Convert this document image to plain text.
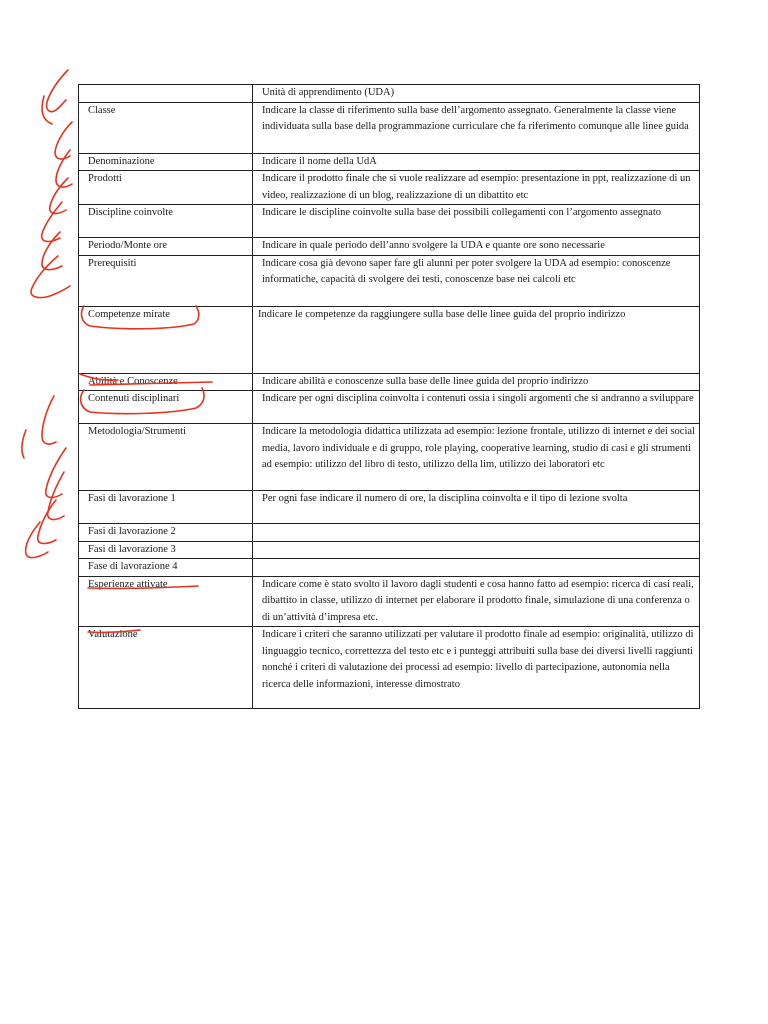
	Unità di apprendimento (UDA)
Classe	Indicare la classe di riferimento sulla base dell’argomento assegnato. Generalmente la classe viene individuata sulla base della programmazione curriculare che fa riferimento comunque alle linee guida
Denominazione	Indicare il nome della UdA
Prodotti	Indicare il prodotto finale che si vuole realizzare ad esempio: presentazione in ppt, realizzazione di un video, realizzazione di un blog, realizzazione di un dibattito etc
Discipline coinvolte	Indicare le discipline coinvolte sulla base dei possibili collegamenti con l’argomento assegnato
Periodo/Monte ore	Indicare in quale periodo dell’anno svolgere la UDA e quante ore sono necessarie
Prerequisiti	Indicare cosa già devono saper fare gli alunni per poter svolgere la UDA ad esempio: conoscenze informatiche, capacità di svolgere dei testi, conoscenze base nei calcoli etc
Competenze mirate	Indicare le competenze da raggiungere sulla base delle linee guida del proprio indirizzo
Abilità e Conoscenze	Indicare abilità e conoscenze sulla base delle linee guida del proprio indirizzo
Contenuti disciplinari	Indicare per ogni disciplina coinvolta i contenuti ossia i singoli argomenti che si andranno a sviluppare
Metodologia/Strumenti	Indicare la metodologia didattica utilizzata ad esempio: lezione frontale, utilizzo di internet e dei social media, lavoro individuale e di gruppo, role playing, cooperative learning, studio di casi e gli strumenti ad esempio: utilizzo del libro di testo, utilizzo della lim, utilizzo dei laboratori etc
Fasi di lavorazione 1	Per ogni fase indicare il numero di ore, la disciplina coinvolta e il tipo di lezione svolta
Fasi di lavorazione 2	
Fasi di lavorazione 3	
Fase di lavorazione 4	
Esperienze attivate	Indicare come è stato svolto il lavoro dagli studenti e cosa hanno fatto ad esempio: ricerca di casi reali, dibattito in classe, utilizzo di internet per elaborare il prodotto finale, simulazione di una conferenza o di un’attività d’impresa etc.
Valutazione	Indicare i criteri che saranno utilizzati per valutare il prodotto finale ad esempio: originalità, utilizzo di linguaggio tecnico, correttezza del testo etc e i punteggi attribuiti sulla base dei diversi livelli raggiunti nonché i criteri di valutazione dei processi ad esempio: livello di partecipazione, autonomia nella ricerca delle informazioni, interesse dimostrato
